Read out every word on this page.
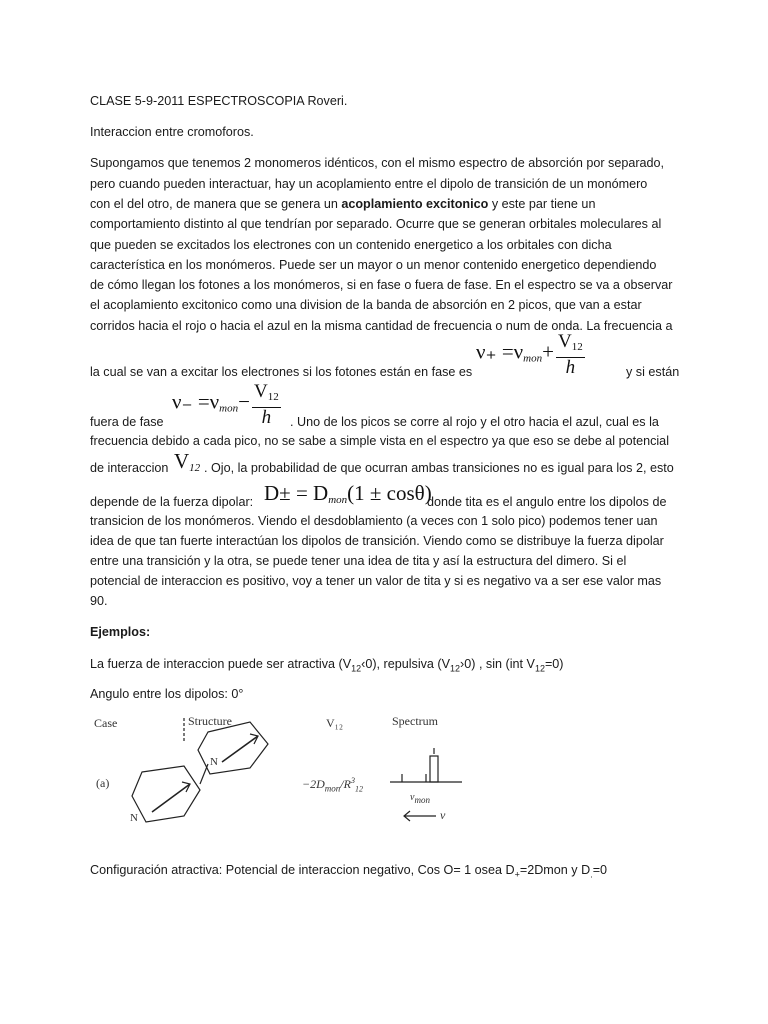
CLASE 5-9-2011 ESPECTROSCOPIA Roveri.
Interaccion entre cromoforos.
Supongamos que tenemos 2 monomeros idénticos, con el mismo espectro de absorción por separado,
pero cuando pueden interactuar, hay un acoplamiento entre el dipolo de transición de un monómero
con el del otro, de manera que se genera un acoplamiento excitonico y este par tiene un
comportamiento distinto al que tendrían por separado. Ocurre que se generan orbitales moleculares al
que pueden se excitados los electrones con un contenido energetico a los orbitales con dicha
característica en los monómeros. Puede ser un mayor o un menor contenido energetico dependiendo
de cómo llegan los fotones a los monómeros, si en fase o fuera de fase. En el espectro se va a observar
el acoplamiento excitonico como una division de la banda de absorción en 2 picos, que van a estar
corridos hacia el rojo o hacia el azul en la misma cantidad de frecuencia o num de onda. La frecuencia a
la cual se van a excitar los electrones si los fotones están en fase es
$\nu_+ =\nu_{mon}+ \frac{V_{12}}{h}$	y si están
fuera de fase
$\nu_- =\nu_{mon}- \frac{V_{12}}{h}$ . Uno de los picos se corre al rojo y el otro hacia el azul, cual es la
frecuencia debido a cada pico, no se sabe a simple vista en el espectro ya que eso se debe al potencial
de interaccion $V_{12}$ . Ojo, la probabilidad de que ocurran ambas transiciones no es igual para los 2, esto
depende de la fuerza dipolar: $D\pm = D_{mon}(1 \pm \cos\theta)$
donde tita es el angulo entre los dipolos de
transicion de los monómeros. Viendo el desdoblamiento (a veces con 1 solo pico) podemos tener uan
idea de que tan fuerte interactúan los dipolos de transición. Viendo como se distribuye la fuerza dipolar
entre una transición y la otra, se puede tener una idea de tita y así la estructura del dimero. Si el
potencial de interaccion es positivo, voy a tener un valor de tita y si es negativo va a ser ese valor mas
90.
Ejemplos:
La fuerza de interaccion puede ser atractiva $(V_{12}‹0)$, repulsiva $(V_{12}›0)$ , sin (int $V_{12}=0$)
Angulo entre los dipolos: 0°
Case	Structure	V₁₂	Spectrum
(a)
N
N
$-2D_{mon}/R^3_{12}$
$\nu_{mon}$
ν
Configuración atractiva: Potencial de interaccion negativo, Cos O= 1 osea $D_+=2Dmon$ y $D_.=0$
